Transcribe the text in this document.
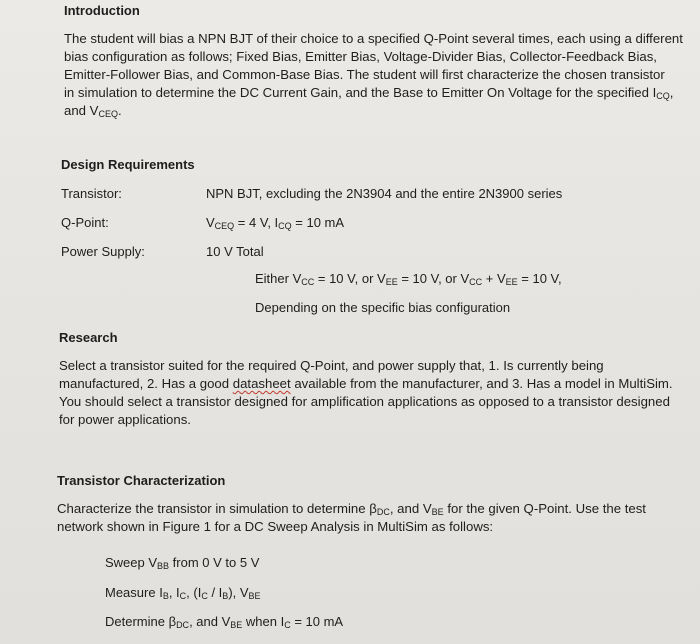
Introduction
The student will bias a NPN BJT of their choice to a specified Q-Point several times, each using a different
bias configuration as follows; Fixed Bias, Emitter Bias, Voltage-Divider Bias, Collector-Feedback Bias,
Emitter-Follower Bias, and Common-Base Bias. The student will first characterize the chosen transistor
in simulation to determine the DC Current Gain, and the Base to Emitter On Voltage for the specified $I_{CQ}$,
and $V_{CEQ}$.
Design Requirements
Transistor:	NPN BJT, excluding the 2N3904 and the entire 2N3900 series
Q-Point:	$V_{CEQ} = 4$ V, $I_{CQ} = 10$ mA
Power Supply:	10 V Total
Either $V_{CC} = 10$ V, or $V_{EE} = 10$ V, or $V_{CC} + V_{EE} = 10$ V,
Depending on the specific bias configuration
Research
Select a transistor suited for the required Q-Point, and power supply that, 1. Is currently being
manufactured, 2. Has a good datasheet available from the manufacturer, and 3. Has a model in MultiSim.
You should select a transistor designed for amplification applications as opposed to a transistor designed
for power applications.
Transistor Characterization
Characterize the transistor in simulation to determine $\beta_{DC}$, and $V_{BE}$ for the given Q-Point. Use the test
network shown in Figure 1 for a DC Sweep Analysis in MultiSim as follows:
Sweep $V_{BB}$ from 0 V to 5 V
Measure $I_B$, $I_C$, $(I_C / I_B)$, $V_{BE}$
Determine $\beta_{DC}$, and $V_{BE}$ when $I_C = 10$ mA
